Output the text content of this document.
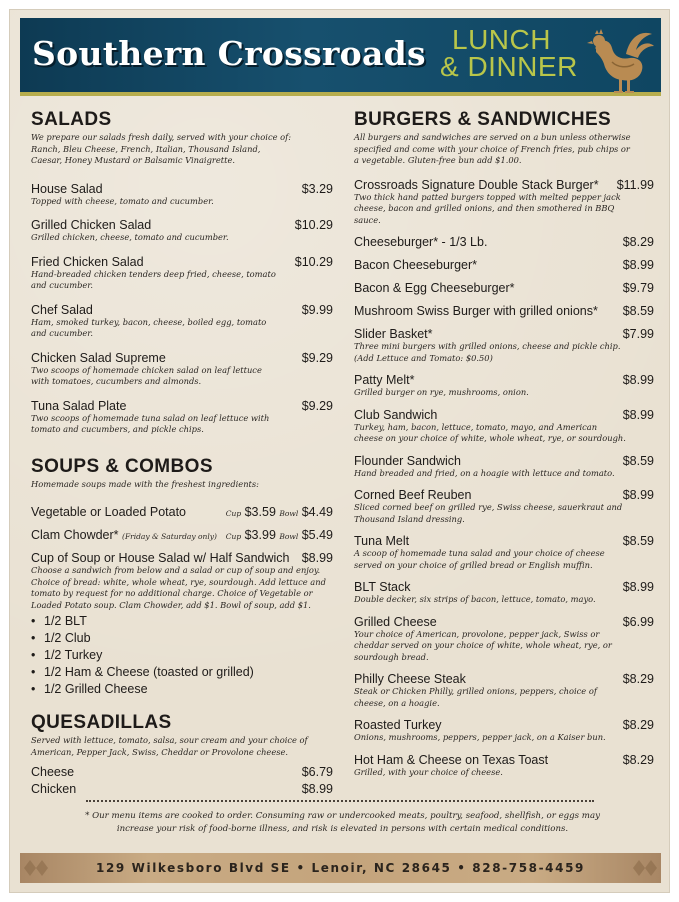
Southern Crossroads LUNCH
& DINNER
SALADS
We prepare our salads fresh daily, served with your choice of: Ranch, Bleu Cheese, French, Italian, Thousand Island, Caesar, Honey Mustard or Balsamic Vinaigrette.
House Salad	$3.29
Topped with cheese, tomato and cucumber.
Grilled Chicken Salad	$10.29
Grilled chicken, cheese, tomato and cucumber.
Fried Chicken Salad	$10.29
Hand-breaded chicken tenders deep fried, cheese, tomato and cucumber.
Chef Salad	$9.99
Ham, smoked turkey, bacon, cheese, boiled egg, tomato and cucumber.
Chicken Salad Supreme	$9.29
Two scoops of homemade chicken salad on leaf lettuce with tomatoes, cucumbers and almonds.
Tuna Salad Plate	$9.29
Two scoops of homemade tuna salad on leaf lettuce with tomato and cucumbers, and pickle chips.
SOUPS & COMBOS
Homemade soups made with the freshest ingredients:
Vegetable or Loaded Potato	Cup $3.59 Bowl $4.49
Clam Chowder* (Friday & Saturday only) Cup $3.99 Bowl $5.49
Cup of Soup or House Salad w/ Half Sandwich $8.99
Choose a sandwich from below and a salad or cup of soup and enjoy. Choice of bread: white, whole wheat, rye, sourdough. Add lettuce and tomato by request for no additional charge. Choice of Vegetable or Loaded Potato soup. Clam Chowder, add $1. Bowl of soup, add $1.
• 1/2 BLT
• 1/2 Club
• 1/2 Turkey
• 1/2 Ham & Cheese (toasted or grilled)
• 1/2 Grilled Cheese
QUESADILLAS
Served with lettuce, tomato, salsa, sour cream and your choice of American, Pepper Jack, Swiss, Cheddar or Provolone cheese.
Cheese	$6.79
Chicken	$8.99
BURGERS & SANDWICHES
All burgers and sandwiches are served on a bun unless otherwise specified and come with your choice of French fries, pub chips or a vegetable. Gluten-free bun add $1.00.
Crossroads Signature Double Stack Burger* $11.99
Two thick hand patted burgers topped with melted pepper jack cheese, bacon and grilled onions, and then smothered in BBQ sauce.
Cheeseburger* - 1/3 Lb.	$8.29
Bacon Cheeseburger*	$8.99
Bacon & Egg Cheeseburger*	$9.79
Mushroom Swiss Burger with grilled onions* $8.59
Slider Basket*	$7.99
Three mini burgers with grilled onions, cheese and pickle chip. (Add Lettuce and Tomato: $0.50)
Patty Melt*	$8.99
Grilled burger on rye, mushrooms, onion.
Club Sandwich	$8.99
Turkey, ham, bacon, lettuce, tomato, mayo, and American cheese on your choice of white, whole wheat, rye, or sourdough.
Flounder Sandwich	$8.59
Hand breaded and fried, on a hoagie with lettuce and tomato.
Corned Beef Reuben	$8.99
Sliced corned beef on grilled rye, Swiss cheese, sauerkraut and Thousand Island dressing.
Tuna Melt	$8.59
A scoop of homemade tuna salad and your choice of cheese served on your choice of grilled bread or English muffin.
BLT Stack	$8.99
Double decker, six strips of bacon, lettuce, tomato, mayo.
Grilled Cheese	$6.99
Your choice of American, provolone, pepper jack, Swiss or cheddar served on your choice of white, whole wheat, rye, or sourdough bread.
Philly Cheese Steak	$8.29
Steak or Chicken Philly, grilled onions, peppers, choice of cheese, on a hoagie.
Roasted Turkey	$8.29
Onions, mushrooms, peppers, pepper jack, on a Kaiser bun.
Hot Ham & Cheese on Texas Toast	$8.29
Grilled, with your choice of cheese.
* Our menu items are cooked to order. Consuming raw or undercooked meats, poultry, seafood, shellfish, or eggs may increase your risk of food-borne illness, and risk is elevated in persons with certain medical conditions.
129 Wilkesboro Blvd SE • Lenoir, NC 28645 • 828-758-4459
